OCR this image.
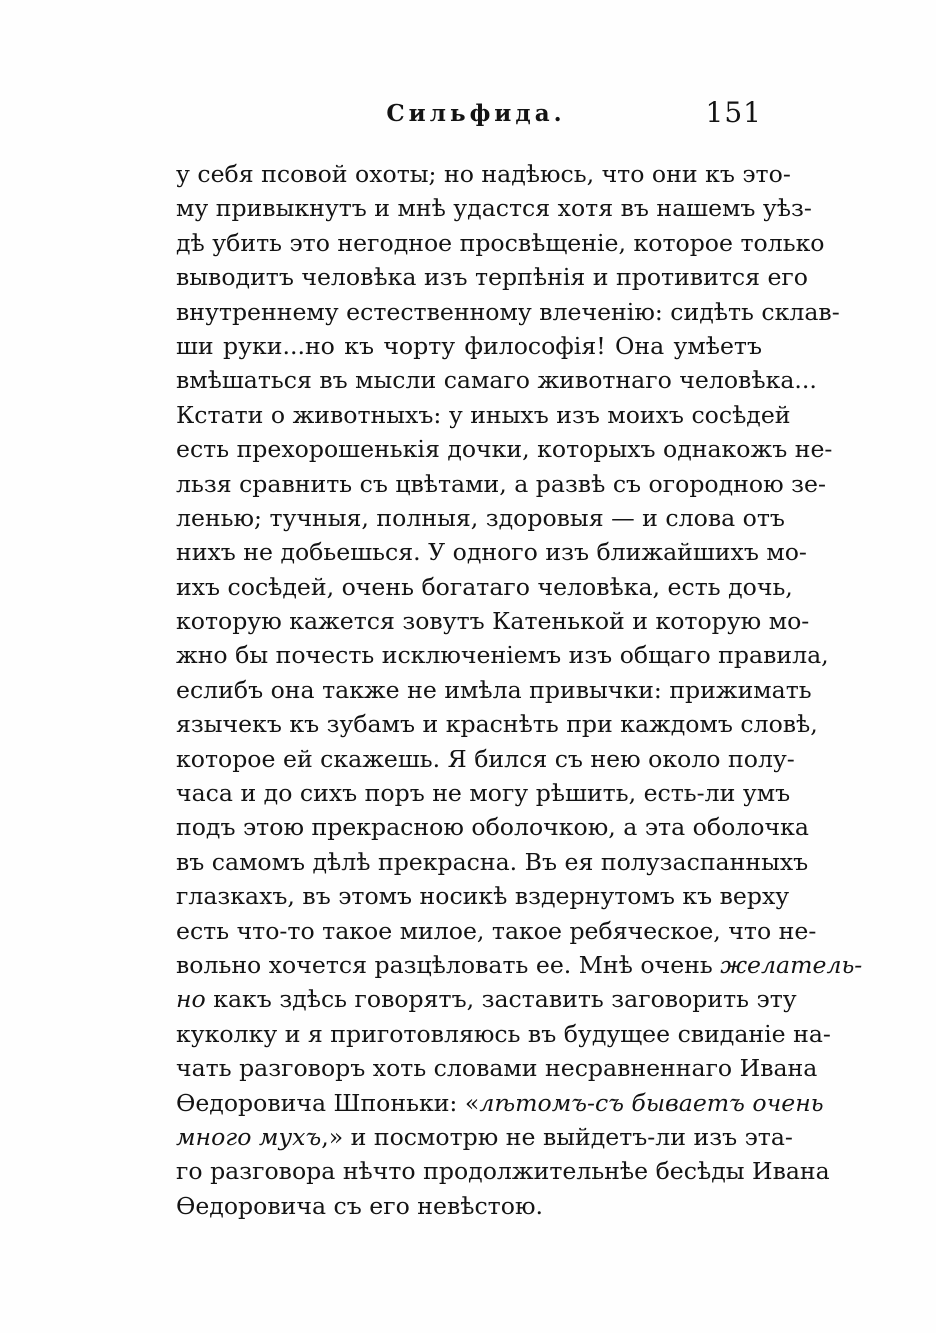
Сильфида.	151
у себя псовой охоты; но надѣюсь, что они къ это-
му привыкнутъ и мнѣ удастся хотя въ нашемъ уѣз-
дѣ убить это негодное просвѣщеніе, которое только
выводитъ человѣка изъ терпѣнія и противится его
внутреннему естественному влеченію: сидѣть склав-
ши руки...но къ чорту философія! Она умѣетъ
вмѣшаться въ мысли самаго животнаго человѣка...
Кстати о животныхъ: у иныхъ изъ моихъ сосѣдей
есть прехорошенькія дочки, которыхъ однакожъ не-
льзя сравнить съ цвѣтами, а развѣ съ огородною зе-
ленью; тучныя, полныя, здоровыя — и слова отъ
нихъ не добьешься. У одного изъ ближайшихъ мо-
ихъ сосѣдей, очень богатаго человѣка, есть дочь,
которую кажется зовутъ Катенькой и которую мо-
жно бы почесть исключеніемъ изъ общаго правила,
еслибъ она также не имѣла привычки: прижимать
язычекъ къ зубамъ и краснѣть при каждомъ словѣ,
которое ей скажешь. Я бился съ нею около полу-
часа и до сихъ поръ не могу рѣшить, есть-ли умъ
подъ этою прекрасною оболочкою, а эта оболочка
въ самомъ дѣлѣ прекрасна. Въ ея полузаспанныхъ
глазкахъ, въ этомъ носикѣ вздернутомъ къ верху
есть что-то такое милое, такое ребяческое, что не-
вольно хочется разцѣловать ее. Мнѣ очень желатель-
но какъ здѣсь говорятъ, заставить заговорить эту
куколку и я приготовляюсь въ будущее свиданіе на-
чать разговоръ хоть словами несравненнаго Ивана
Ѳедоровича Шпоньки: «лѣтомъ-съ бываетъ очень
много мухъ,» и посмотрю не выйдетъ-ли изъ эта-
го разговора нѣчто продолжительнѣе бесѣды Ивана
Ѳедоровича съ его невѣстою.
